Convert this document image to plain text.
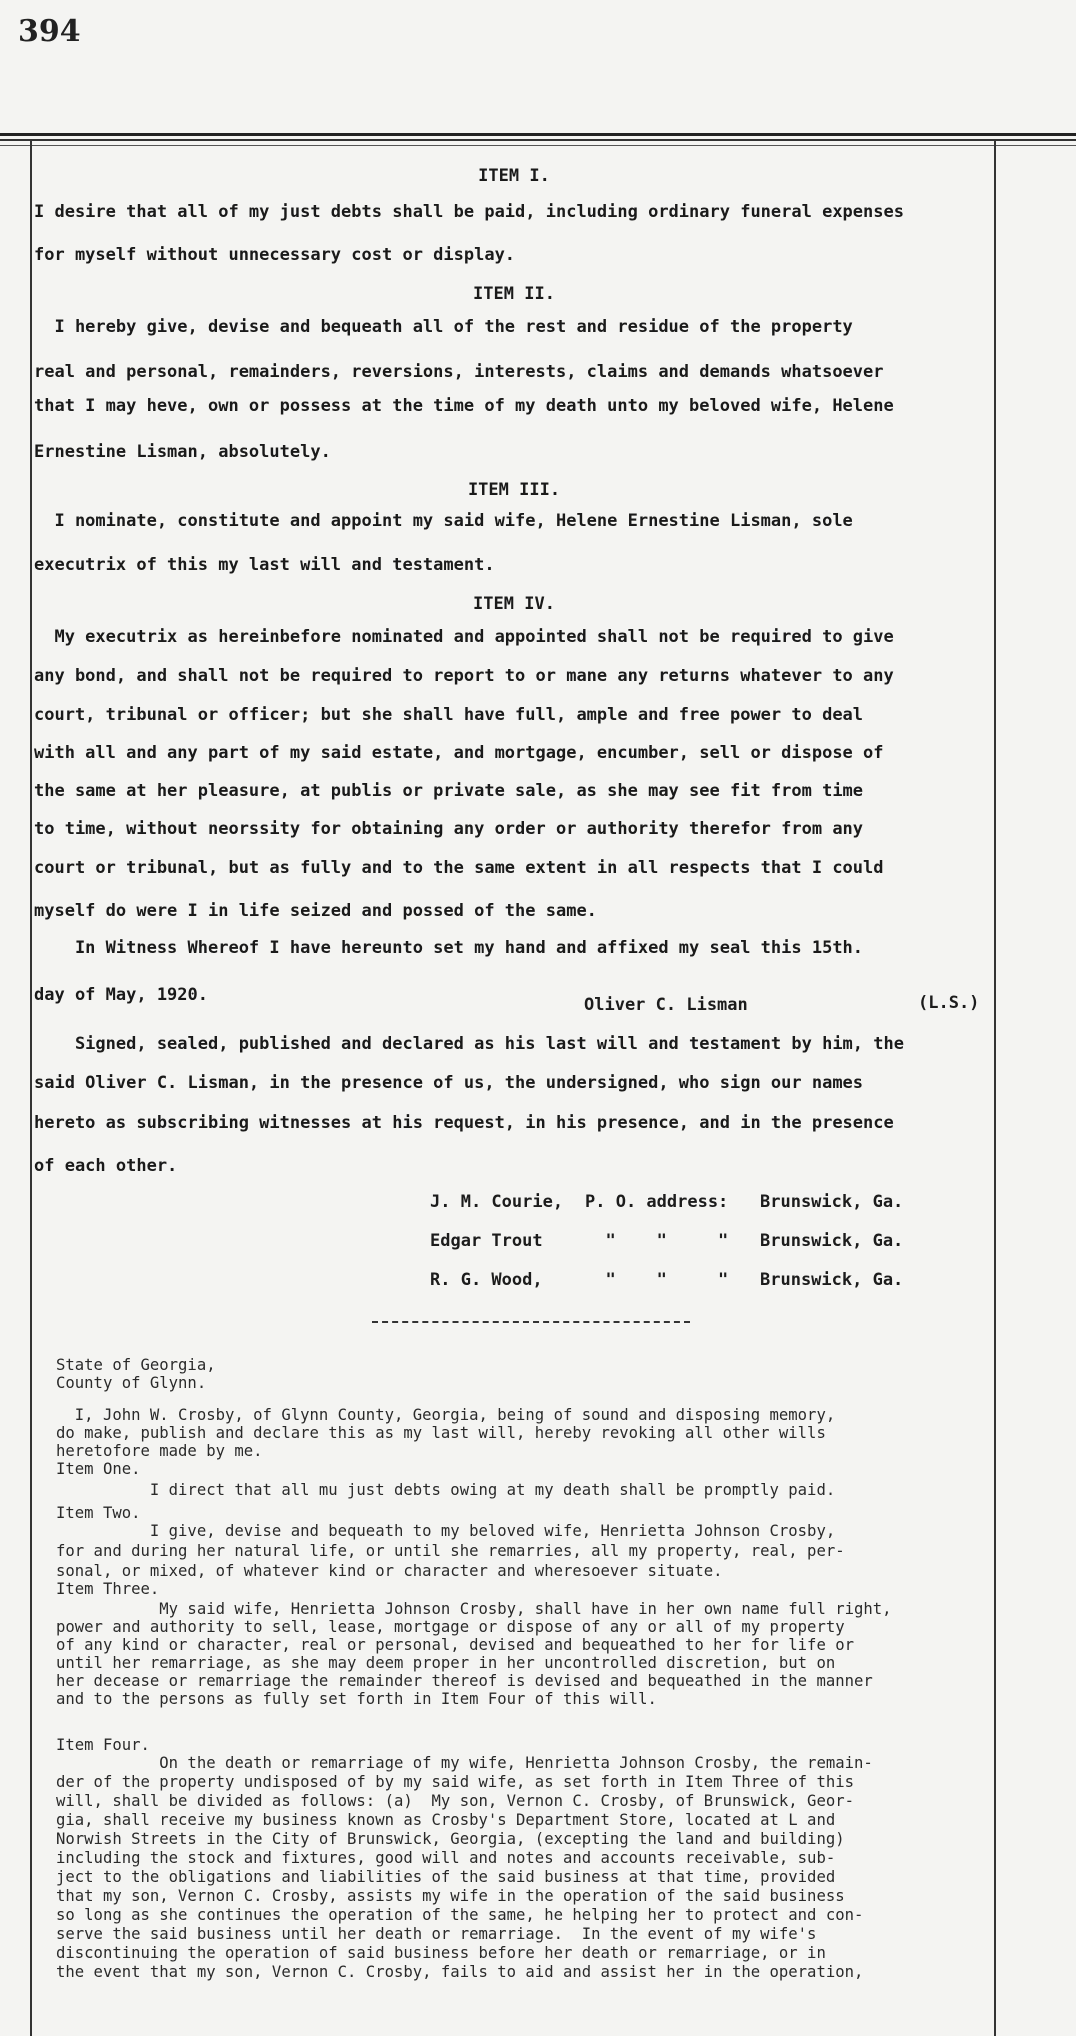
394
ITEM I.
I desire that all of my just debts shall be paid, including ordinary funeral expenses
for myself without unnecessary cost or display.
ITEM II.
I hereby give, devise and bequeath all of the rest and residue of the property
real and personal, remainders, reversions, interests, claims and demands whatsoever
that I may heve, own or possess at the time of my death unto my beloved wife, Helene
Ernestine Lisman, absolutely.
ITEM III.
I nominate, constitute and appoint my said wife, Helene Ernestine Lisman, sole
executrix of this my last will and testament.
ITEM IV.
My executrix as hereinbefore nominated and appointed shall not be required to give
any bond, and shall not be required to report to or mane any returns whatever to any
court, tribunal or officer; but she shall have full, ample and free power to deal
with all and any part of my said estate, and mortgage, encumber, sell or dispose of
the same at her pleasure, at publis or private sale, as she may see fit from time
to time, without neorssity for obtaining any order or authority therefor from any
court or tribunal, but as fully and to the same extent in all respects that I could
myself do were I in life seized and possed of the same.
In Witness Whereof I have hereunto set my hand and affixed my seal this 15th.
day of May, 1920.
Signed, sealed, published and declared as his last will and testament by him, the
said Oliver C. Lisman, in the presence of us, the undersigned, who sign our names
hereto as subscribing witnesses at his request, in his presence, and in the presence
of each other.
Oliver C. Lisman	(L.S.)
J. M. Courie, P. O. address: Brunswick, Ga.
Edgar Trout "    "     " Brunswick, Ga.
R. G. Wood, "    "     " Brunswick, Ga.
State of Georgia,
County of Glynn.
I, John W. Crosby, of Glynn County, Georgia, being of sound and disposing memory,
do make, publish and declare this as my last will, hereby revoking all other wills
heretofore made by me.
Item One.
I direct that all mu just debts owing at my death shall be promptly paid.
Item Two.
I give, devise and bequeath to my beloved wife, Henrietta Johnson Crosby,
for and during her natural life, or until she remarries, all my property, real, per-
sonal, or mixed, of whatever kind or character and wheresoever situate.
Item Three.
My said wife, Henrietta Johnson Crosby, shall have in her own name full right,
power and authority to sell, lease, mortgage or dispose of any or all of my property
of any kind or character, real or personal, devised and bequeathed to her for life or
until her remarriage, as she may deem proper in her uncontrolled discretion, but on
her decease or remarriage the remainder thereof is devised and bequeathed in the manner
and to the persons as fully set forth in Item Four of this will.
Item Four.
On the death or remarriage of my wife, Henrietta Johnson Crosby, the remain-
der of the property undisposed of by my said wife, as set forth in Item Three of this
will, shall be divided as follows: (a)  My son, Vernon C. Crosby, of Brunswick, Geor-
gia, shall receive my business known as Crosby's Department Store, located at L and
Norwish Streets in the City of Brunswick, Georgia, (excepting the land and building)
including the stock and fixtures, good will and notes and accounts receivable, sub-
ject to the obligations and liabilities of the said business at that time, provided
that my son, Vernon C. Crosby, assists my wife in the operation of the said business
so long as she continues the operation of the same, he helping her to protect and con-
serve the said business until her death or remarriage.  In the event of my wife's
discontinuing the operation of said business before her death or remarriage, or in
the event that my son, Vernon C. Crosby, fails to aid and assist her in the operation,
